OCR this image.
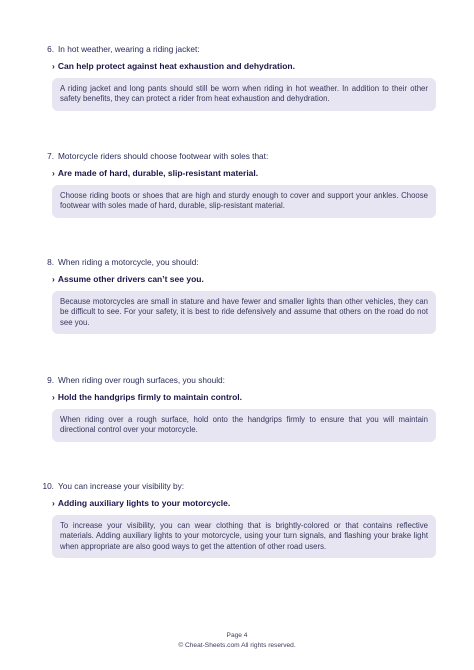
6. In hot weather, wearing a riding jacket:
› Can help protect against heat exhaustion and dehydration.
A riding jacket and long pants should still be worn when riding in hot weather. In addition to their other safety benefits, they can protect a rider from heat exhaustion and dehydration.
7. Motorcycle riders should choose footwear with soles that:
› Are made of hard, durable, slip-resistant material.
Choose riding boots or shoes that are high and sturdy enough to cover and support your ankles. Choose footwear with soles made of hard, durable, slip-resistant material.
8. When riding a motorcycle, you should:
› Assume other drivers can’t see you.
Because motorcycles are small in stature and have fewer and smaller lights than other vehicles, they can be difficult to see. For your safety, it is best to ride defensively and assume that others on the road do not see you.
9. When riding over rough surfaces, you should:
› Hold the handgrips firmly to maintain control.
When riding over a rough surface, hold onto the handgrips firmly to ensure that you will maintain directional control over your motorcycle.
10. You can increase your visibility by:
› Adding auxiliary lights to your motorcycle.
To increase your visibility, you can wear clothing that is brightly-colored or that contains reflective materials. Adding auxiliary lights to your motorcycle, using your turn signals, and flashing your brake light when appropriate are also good ways to get the attention of other road users.
Page 4
© Cheat-Sheets.com All rights reserved.
